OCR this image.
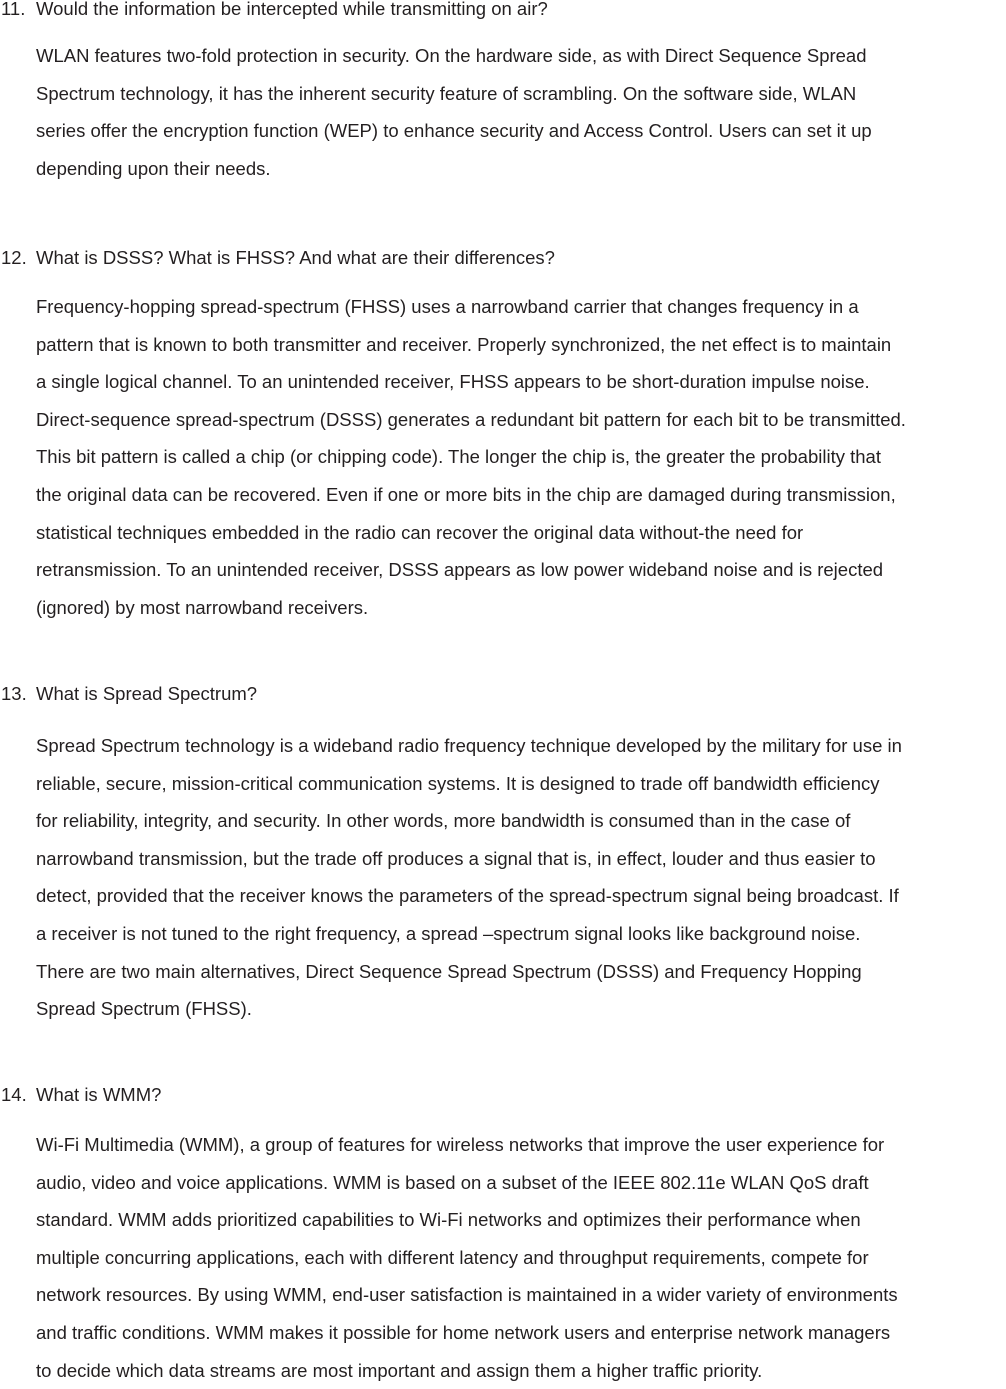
11. Would the information be intercepted while transmitting on air?
WLAN features two-fold protection in security. On the hardware side, as with Direct Sequence Spread
Spectrum technology, it has the inherent security feature of scrambling. On the software side, WLAN
series offer the encryption function (WEP) to enhance security and Access Control. Users can set it up
depending upon their needs.
12. What is DSSS? What is FHSS? And what are their differences?
Frequency-hopping spread-spectrum (FHSS) uses a narrowband carrier that changes frequency in a
pattern that is known to both transmitter and receiver. Properly synchronized, the net effect is to maintain
a single logical channel. To an unintended receiver, FHSS appears to be short-duration impulse noise.
Direct-sequence spread-spectrum (DSSS) generates a redundant bit pattern for each bit to be transmitted.
This bit pattern is called a chip (or chipping code). The longer the chip is, the greater the probability that
the original data can be recovered. Even if one or more bits in the chip are damaged during transmission,
statistical techniques embedded in the radio can recover the original data without-the need for
retransmission. To an unintended receiver, DSSS appears as low power wideband noise and is rejected
(ignored) by most narrowband receivers.
13. What is Spread Spectrum?
Spread Spectrum technology is a wideband radio frequency technique developed by the military for use in
reliable, secure, mission-critical communication systems. It is designed to trade off bandwidth efficiency
for reliability, integrity, and security. In other words, more bandwidth is consumed than in the case of
narrowband transmission, but the trade off produces a signal that is, in effect, louder and thus easier to
detect, provided that the receiver knows the parameters of the spread-spectrum signal being broadcast. If
a receiver is not tuned to the right frequency, a spread –spectrum signal looks like background noise.
There are two main alternatives, Direct Sequence Spread Spectrum (DSSS) and Frequency Hopping
Spread Spectrum (FHSS).
14. What is WMM?
Wi-Fi Multimedia (WMM), a group of features for wireless networks that improve the user experience for
audio, video and voice applications. WMM is based on a subset of the IEEE 802.11e WLAN QoS draft
standard. WMM adds prioritized capabilities to Wi-Fi networks and optimizes their performance when
multiple concurring applications, each with different latency and throughput requirements, compete for
network resources. By using WMM, end-user satisfaction is maintained in a wider variety of environments
and traffic conditions. WMM makes it possible for home network users and enterprise network managers
to decide which data streams are most important and assign them a higher traffic priority.
